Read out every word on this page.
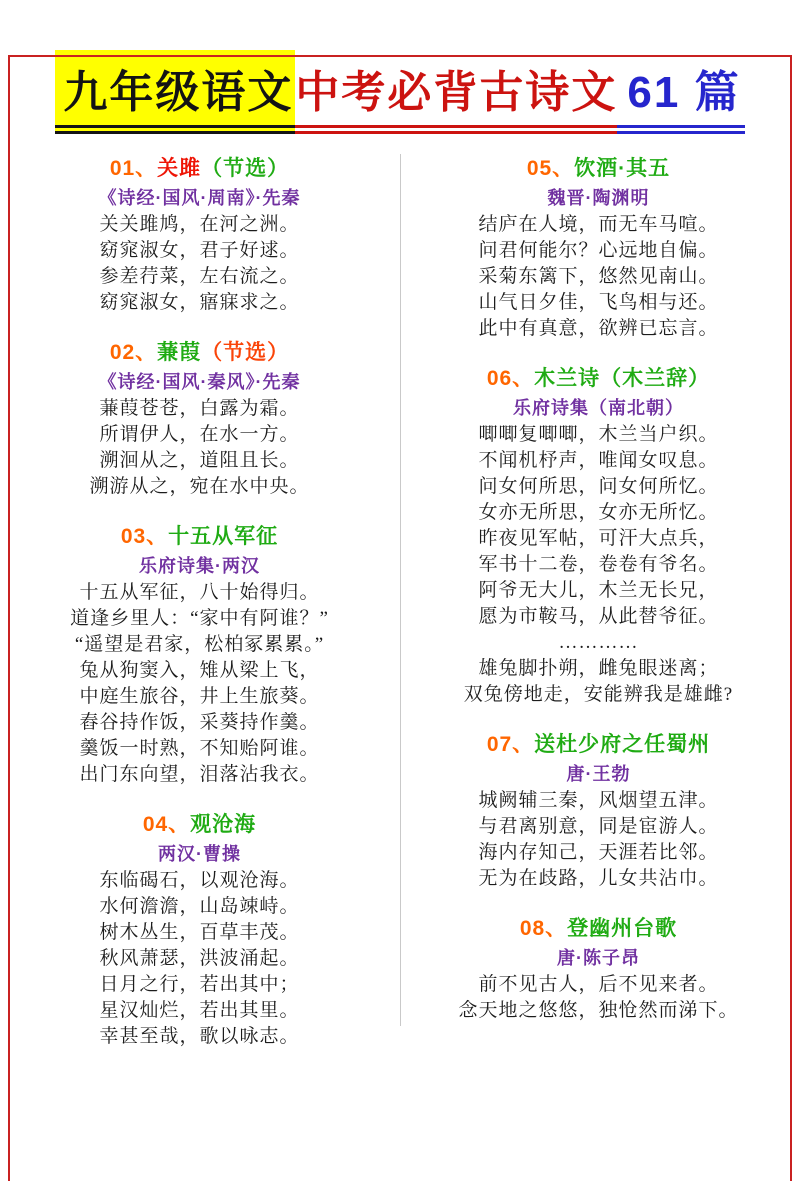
九年级语文中考必背古诗文 61 篇
01、关雎（节选）
《诗经·国风·周南》·先秦
关关雎鸠，在河之洲。
窈窕淑女，君子好逑。
参差荇菜，左右流之。
窈窕淑女，寤寐求之。
02、蒹葭（节选）
《诗经·国风·秦风》·先秦
蒹葭苍苍，白露为霜。
所谓伊人，在水一方。
溯洄从之，道阻且长。
溯游从之，宛在水中央。
03、十五从军征
乐府诗集·两汉
十五从军征，八十始得归。
道逢乡里人：“家中有阿谁？”
“遥望是君家，松柏冢累累。”
兔从狗窦入，雉从梁上飞，
中庭生旅谷，井上生旅葵。
舂谷持作饭，采葵持作羹。
羹饭一时熟，不知贻阿谁。
出门东向望，泪落沾我衣。
04、观沧海
两汉·曹操
东临碣石，以观沧海。
水何澹澹，山岛竦峙。
树木丛生，百草丰茂。
秋风萧瑟，洪波涌起。
日月之行，若出其中；
星汉灿烂，若出其里。
幸甚至哉，歌以咏志。
05、饮酒·其五
魏晋·陶渊明
结庐在人境，而无车马喧。
问君何能尔？心远地自偏。
采菊东篱下，悠然见南山。
山气日夕佳，飞鸟相与还。
此中有真意，欲辨已忘言。
06、木兰诗（木兰辞）
乐府诗集（南北朝）
唧唧复唧唧，木兰当户织。
不闻机杼声，唯闻女叹息。
问女何所思，问女何所忆。
女亦无所思，女亦无所忆。
昨夜见军帖，可汗大点兵，
军书十二卷，卷卷有爷名。
阿爷无大儿，木兰无长兄，
愿为市鞍马，从此替爷征。
…………
雄兔脚扑朔，雌兔眼迷离；
双兔傍地走，安能辨我是雄雌?
07、送杜少府之任蜀州
唐·王勃
城阙辅三秦，风烟望五津。
与君离别意，同是宦游人。
海内存知己，天涯若比邻。
无为在歧路，儿女共沾巾。
08、登幽州台歌
唐·陈子昂
前不见古人，后不见来者。
念天地之悠悠，独怆然而涕下。
